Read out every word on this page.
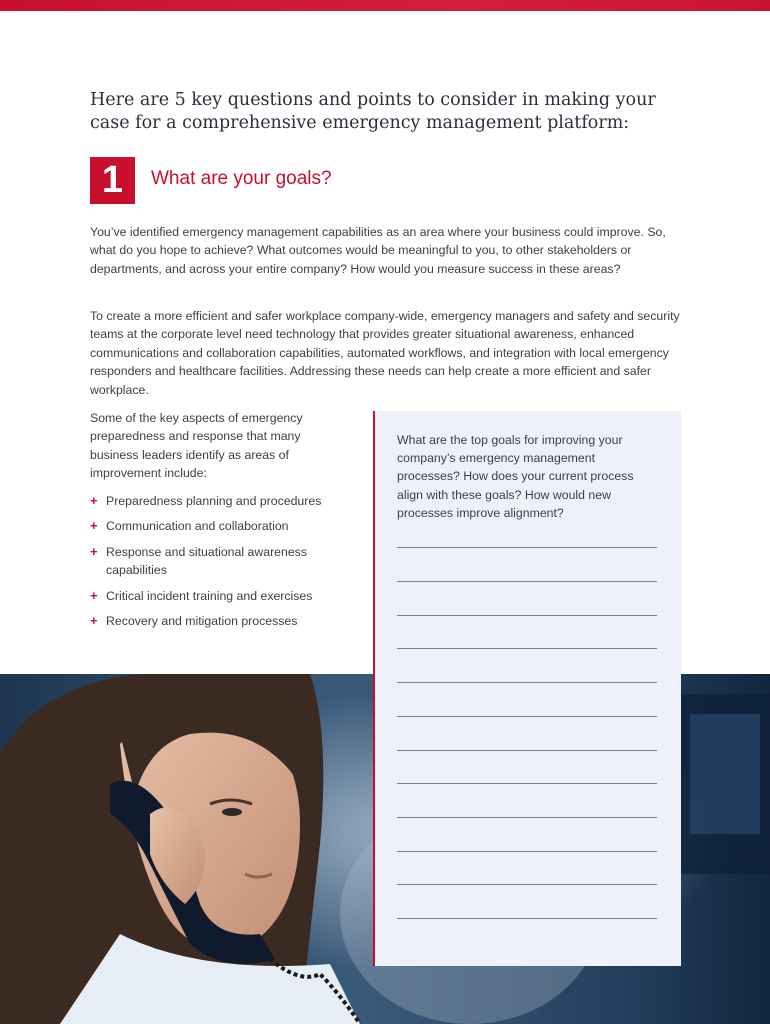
Here are 5 key questions and points to consider in making your case for a comprehensive emergency management platform:
1	What are your goals?

You’ve identified emergency management capabilities as an area where your business could improve. So, what do you hope to achieve? What outcomes would be meaningful to you, to other stakeholders or departments, and across your entire company? How would you measure success in these areas?

To create a more efficient and safer workplace company-wide, emergency managers and safety and security teams at the corporate level need technology that provides greater situational awareness, enhanced communications and collaboration capabilities, automated workflows, and integration with local emergency responders and healthcare facilities. Addressing these needs can help create a more efficient and safer workplace.

Some of the key aspects of emergency preparedness and response that many business leaders identify as areas of improvement include:

+ Preparedness planning and procedures
+ Communication and collaboration
+ Response and situational awareness capabilities
+ Critical incident training and exercises
+ Recovery and mitigation processes

What are the top goals for improving your company’s emergency management processes? How does your current process align with these goals? How would new processes improve alignment?
